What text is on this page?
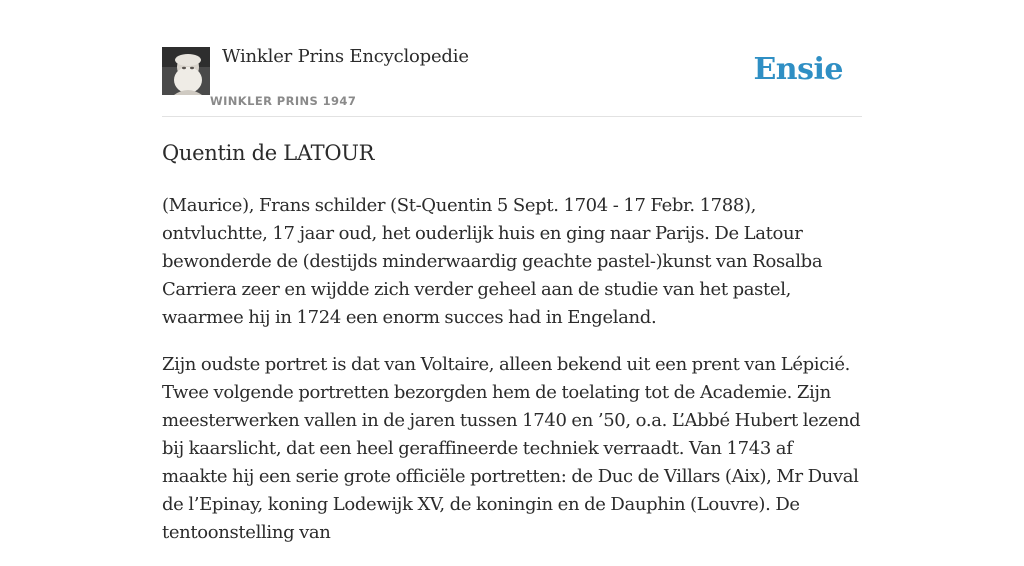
Winkler Prins Encyclopedie
WINKLER PRINS 1947
Ensie
Quentin de LATOUR

(Maurice), Frans schilder (St-Quentin 5 Sept. 1704 - 17 Febr. 1788), ontvluchtte, 17 jaar oud, het ouderlijk huis en ging naar Parijs. De Latour bewonderde de (destijds minderwaardig geachte pastel-)kunst van Rosalba Carriera zeer en wijdde zich verder geheel aan de studie van het pastel, waarmee hij in 1724 een enorm succes had in Engeland.

Zijn oudste portret is dat van Voltaire, alleen bekend uit een prent van Lépicié. Twee volgende portretten bezorgden hem de toelating tot de Academie. Zijn meesterwerken vallen in de jaren tussen 1740 en ’50, o.a. L’Abbé Hubert lezend bij kaarslicht, dat een heel geraffineerde techniek verraadt. Van 1743 af maakte hij een serie grote officiële portretten: de Duc de Villars (Aix), Mr Duval de l’Epinay, koning Lodewijk XV, de koningin en de Dauphin (Louvre). De tentoonstelling van
